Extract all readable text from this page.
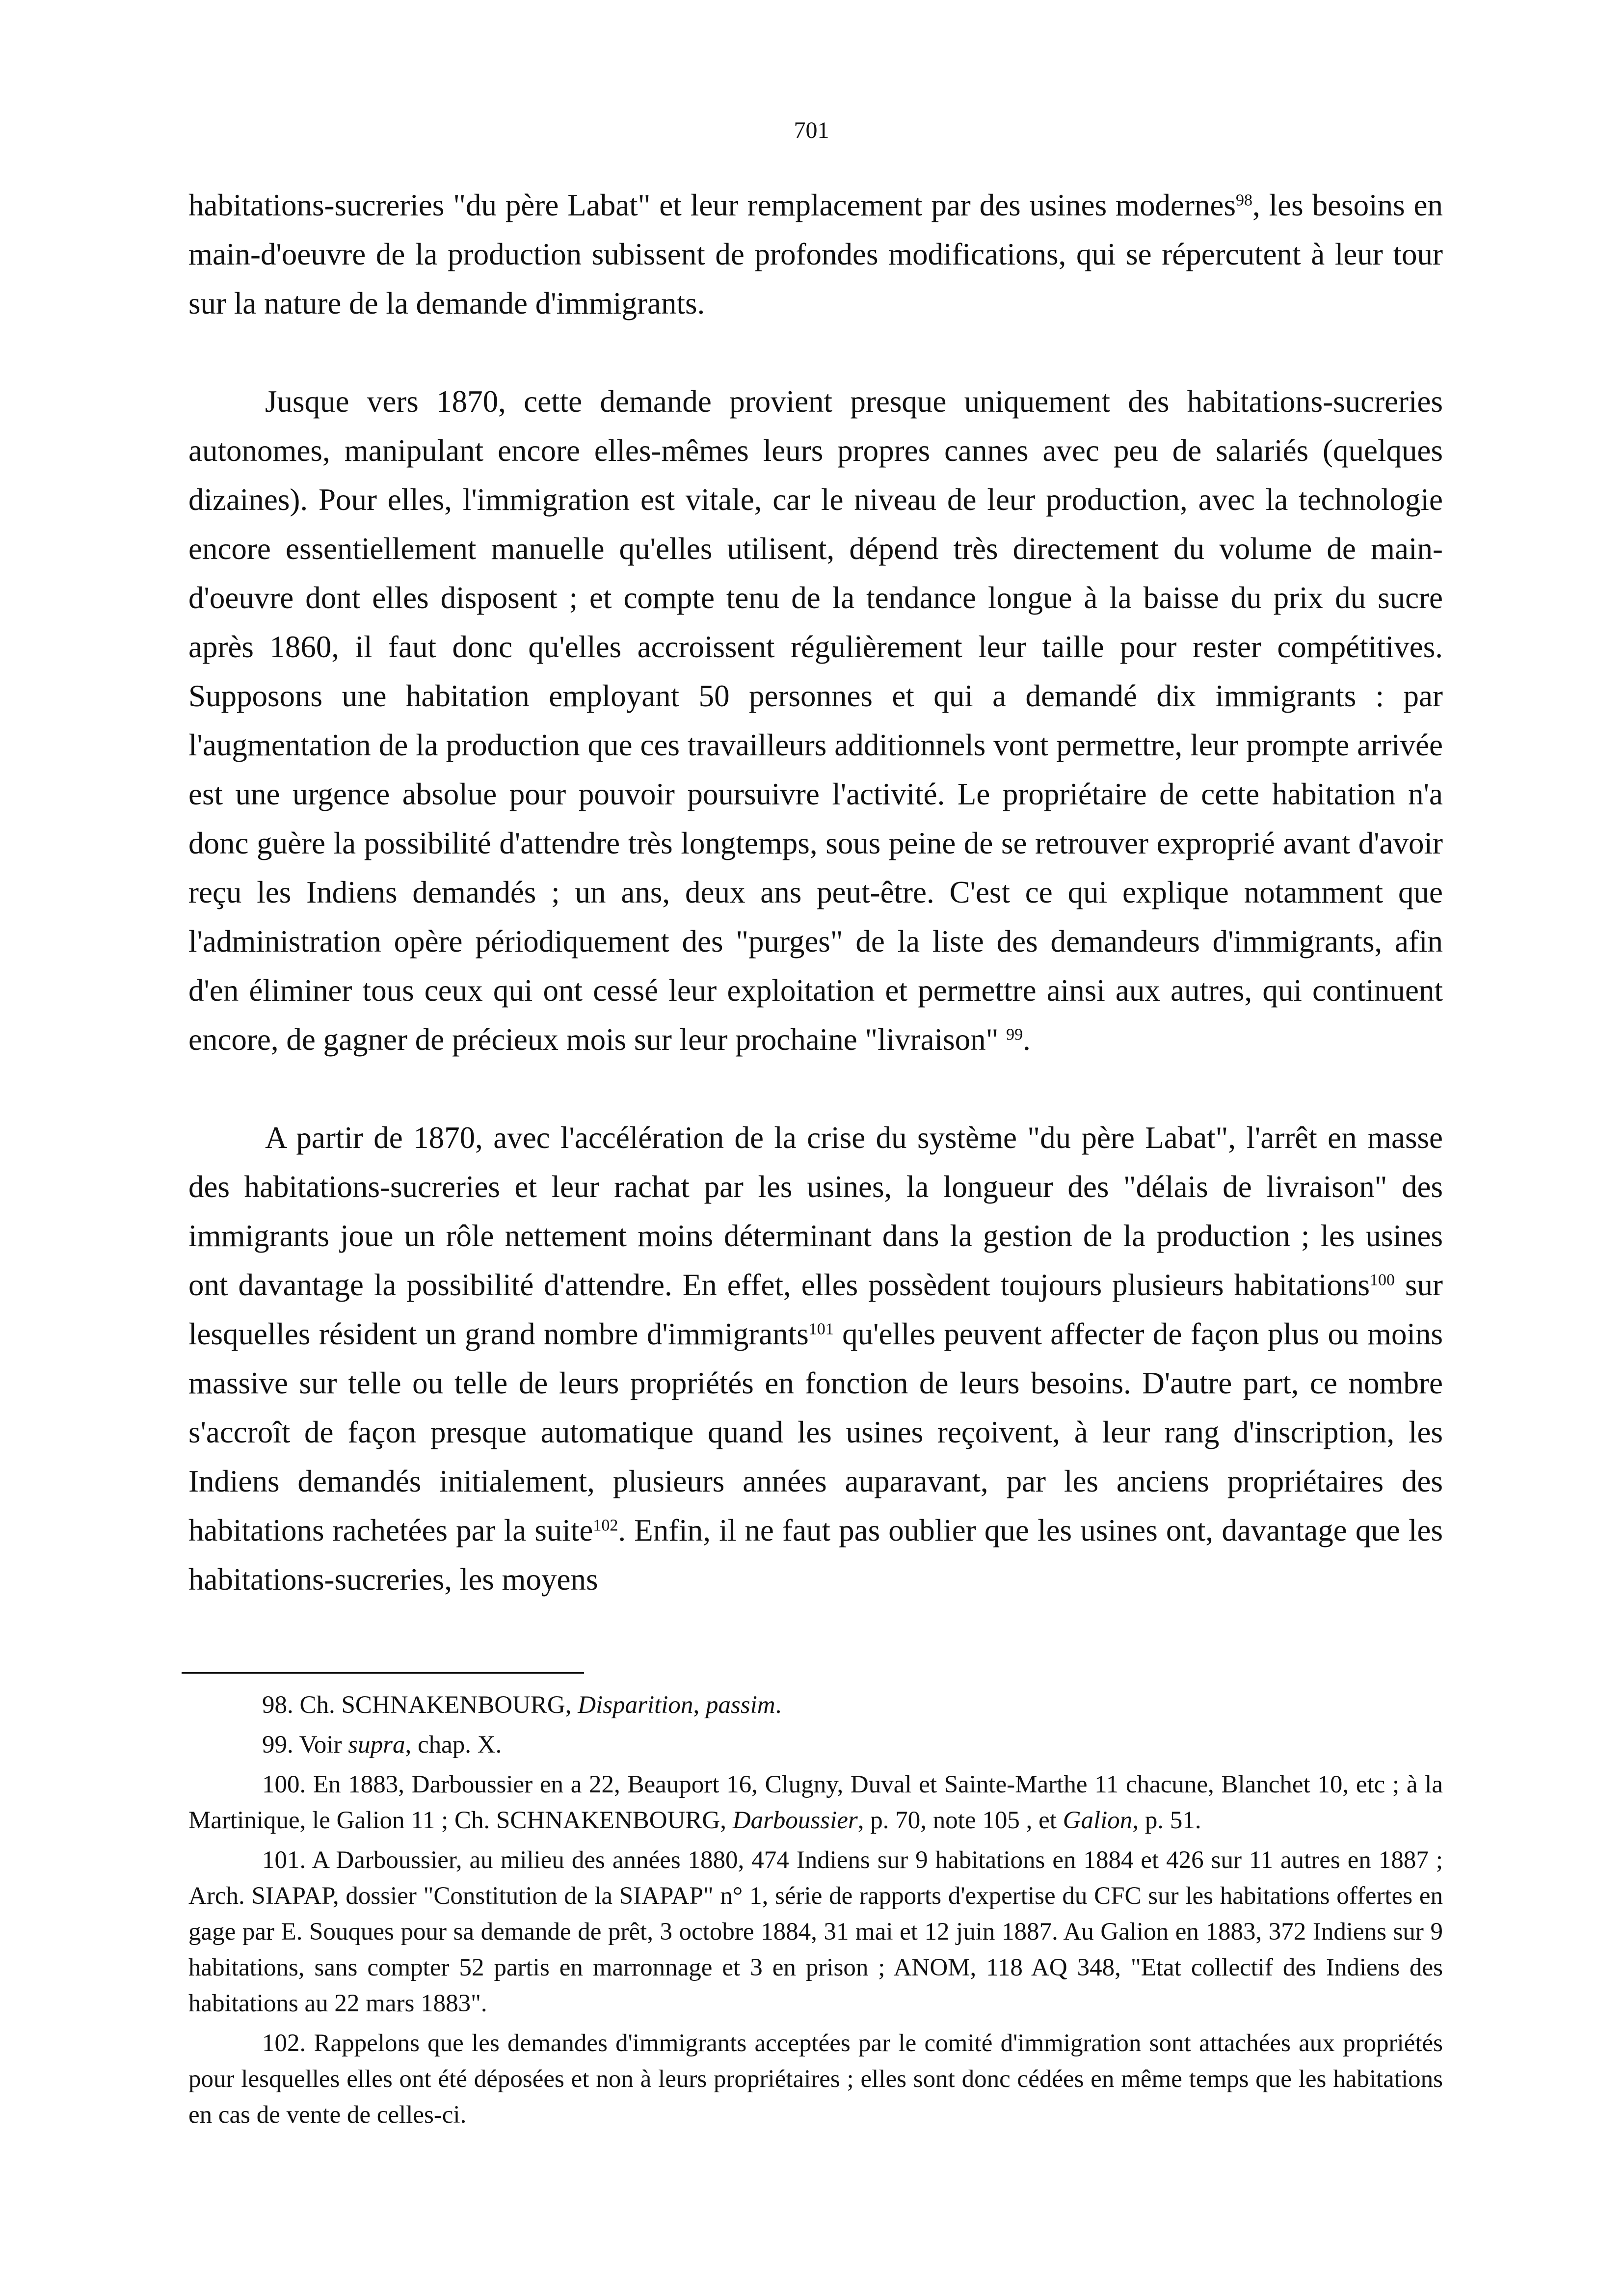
701

habitations-sucreries "du père Labat" et leur remplacement par des usines modernes$^{98}$, les besoins en main-d'oeuvre de la production subissent de profondes modifications, qui se répercutent à leur tour sur la nature de la demande d'immigrants.

Jusque vers 1870, cette demande provient presque uniquement des habitations-sucreries autonomes, manipulant encore elles-mêmes leurs propres cannes avec peu de salariés (quelques dizaines). Pour elles, l'immigration est vitale, car le niveau de leur production, avec la technologie encore essentiellement manuelle qu'elles utilisent, dépend très directement du volume de main-d'oeuvre dont elles disposent ; et compte tenu de la tendance longue à la baisse du prix du sucre après 1860, il faut donc qu'elles accroissent régulièrement leur taille pour rester compétitives. Supposons une habitation employant 50 personnes et qui a demandé dix immigrants : par l'augmentation de la production que ces travailleurs additionnels vont permettre, leur prompte arrivée est une urgence absolue pour pouvoir poursuivre l'activité. Le propriétaire de cette habitation n'a donc guère la possibilité d'attendre très longtemps, sous peine de se retrouver exproprié avant d'avoir reçu les Indiens demandés ; un ans, deux ans peut-être. C'est ce qui explique notamment que l'administration opère périodiquement des "purges" de la liste des demandeurs d'immigrants, afin d'en éliminer tous ceux qui ont cessé leur exploitation et permettre ainsi aux autres, qui continuent encore, de gagner de précieux mois sur leur prochaine "livraison" $^{99}$.

A partir de 1870, avec l'accélération de la crise du système "du père Labat", l'arrêt en masse des habitations-sucreries et leur rachat par les usines, la longueur des "délais de livraison" des immigrants joue un rôle nettement moins déterminant dans la gestion de la production ; les usines ont davantage la possibilité d'attendre. En effet, elles possèdent toujours plusieurs habitations$^{100}$ sur lesquelles résident un grand nombre d'immigrants$^{101}$ qu'elles peuvent affecter de façon plus ou moins massive sur telle ou telle de leurs propriétés en fonction de leurs besoins. D'autre part, ce nombre s'accroît de façon presque automatique quand les usines reçoivent, à leur rang d'inscription, les Indiens demandés initialement, plusieurs années auparavant, par les anciens propriétaires des habitations rachetées par la suite$^{102}$. Enfin, il ne faut pas oublier que les usines ont, davantage que les habitations-sucreries, les moyens

98. Ch. SCHNAKENBOURG, Disparition, passim.

99. Voir supra, chap. X.

100. En 1883, Darboussier en a 22, Beauport 16, Clugny, Duval et Sainte-Marthe 11 chacune, Blanchet 10, etc ; à la Martinique, le Galion 11 ; Ch. SCHNAKENBOURG, Darboussier, p. 70, note 105 , et Galion, p. 51.

101. A Darboussier, au milieu des années 1880, 474 Indiens sur 9 habitations en 1884 et 426 sur 11 autres en 1887 ; Arch. SIAPAP, dossier "Constitution de la SIAPAP" n° 1, série de rapports d'expertise du CFC sur les habitations offertes en gage par E. Souques pour sa demande de prêt, 3 octobre 1884, 31 mai et 12 juin 1887. Au Galion en 1883, 372 Indiens sur 9 habitations, sans compter 52 partis en marronnage et 3 en prison ; ANOM, 118 AQ 348, "Etat collectif des Indiens des habitations au 22 mars 1883".

102. Rappelons que les demandes d'immigrants acceptées par le comité d'immigration sont attachées aux propriétés pour lesquelles elles ont été déposées et non à leurs propriétaires ; elles sont donc cédées en même temps que les habitations en cas de vente de celles-ci.
